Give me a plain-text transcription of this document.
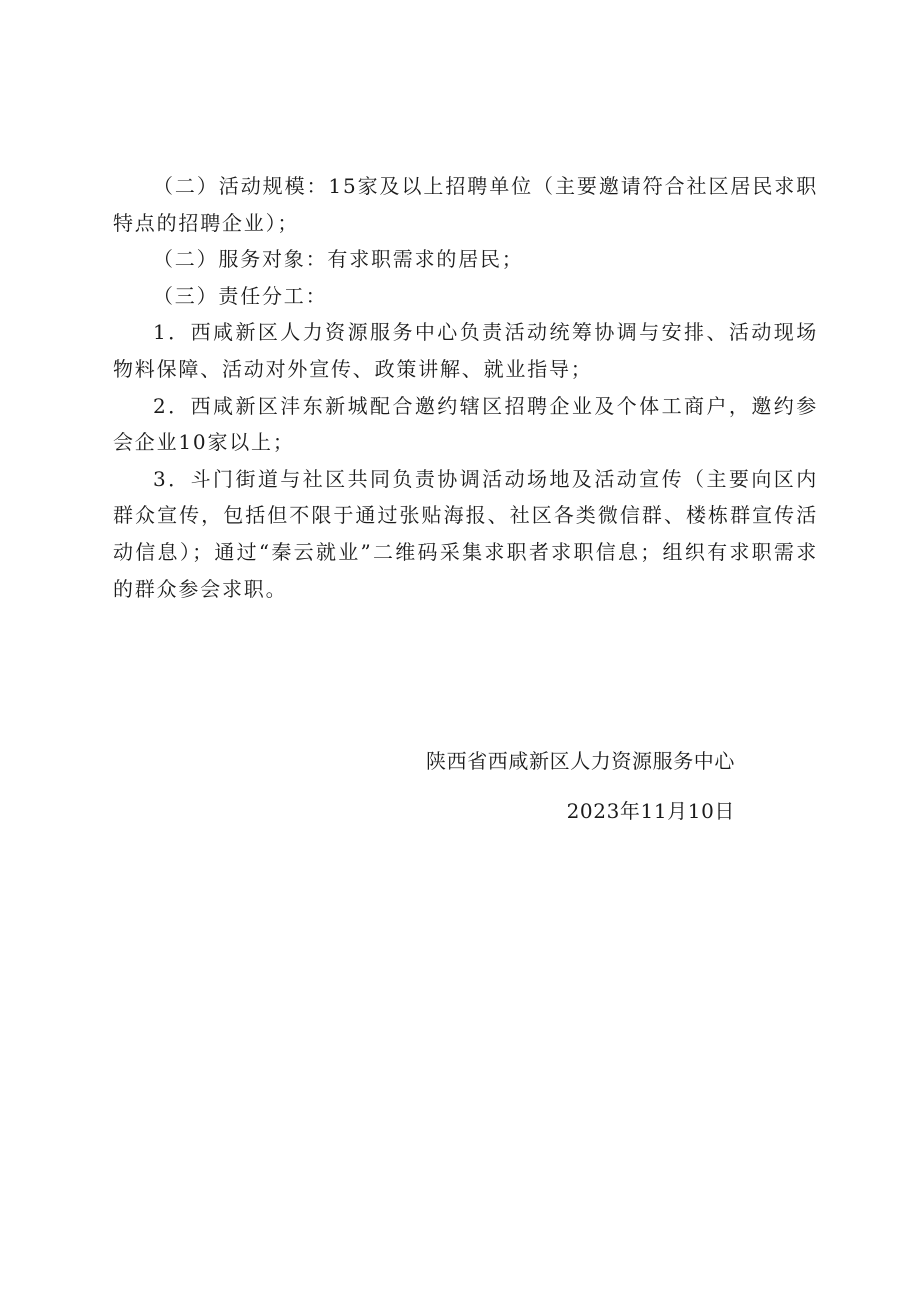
（二）活动规模：15家及以上招聘单位（主要邀请符合社区居民求职特点的招聘企业）；

（二）服务对象：有求职需求的居民；

（三）责任分工：

1．西咸新区人力资源服务中心负责活动统筹协调与安排、活动现场物料保障、活动对外宣传、政策讲解、就业指导；

2．西咸新区沣东新城配合邀约辖区招聘企业及个体工商户，邀约参会企业10家以上；

3．斗门街道与社区共同负责协调活动场地及活动宣传（主要向区内群众宣传，包括但不限于通过张贴海报、社区各类微信群、楼栋群宣传活动信息）；通过“秦云就业”二维码采集求职者求职信息；组织有求职需求的群众参会求职。

陕西省西咸新区人力资源服务中心
2023年11月10日
